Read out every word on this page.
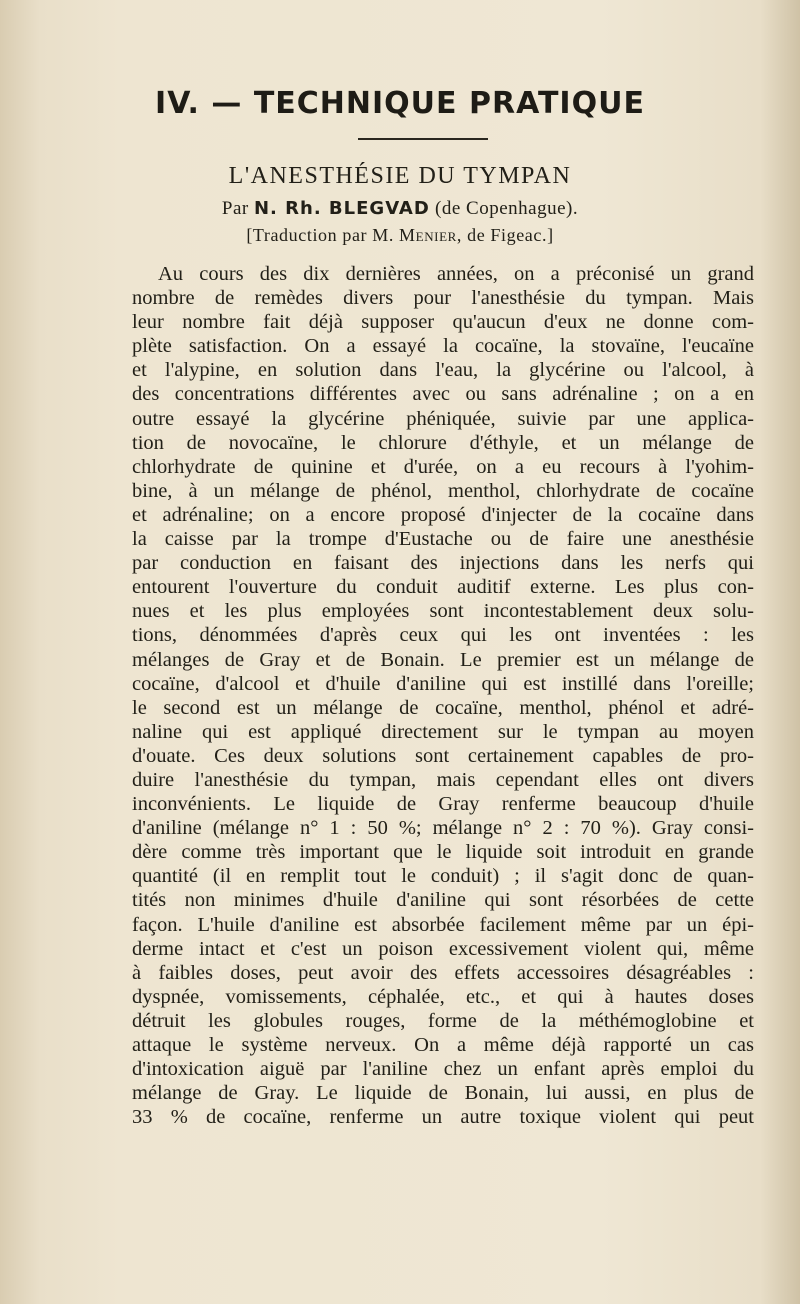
IV. — TECHNIQUE PRATIQUE
L'ANESTHÉSIE DU TYMPAN
Par N. Rh. BLEGVAD (de Copenhague).
[Traduction par M. Menier, de Figeac.]
Au cours des dix dernières années, on a préconisé un grand
nombre de remèdes divers pour l'anesthésie du tympan. Mais
leur nombre fait déjà supposer qu'aucun d'eux ne donne com-
plète satisfaction. On a essayé la cocaïne, la stovaïne, l'eucaïne
et l'alypine, en solution dans l'eau, la glycérine ou l'alcool, à
des concentrations différentes avec ou sans adrénaline ; on a en
outre essayé la glycérine phéniquée, suivie par une applica-
tion de novocaïne, le chlorure d'éthyle, et un mélange de
chlorhydrate de quinine et d'urée, on a eu recours à l'yohim-
bine, à un mélange de phénol, menthol, chlorhydrate de cocaïne
et adrénaline; on a encore proposé d'injecter de la cocaïne dans
la caisse par la trompe d'Eustache ou de faire une anesthésie
par conduction en faisant des injections dans les nerfs qui
entourent l'ouverture du conduit auditif externe. Les plus con-
nues et les plus employées sont incontestablement deux solu-
tions, dénommées d'après ceux qui les ont inventées : les
mélanges de Gray et de Bonain. Le premier est un mélange de
cocaïne, d'alcool et d'huile d'aniline qui est instillé dans l'oreille;
le second est un mélange de cocaïne, menthol, phénol et adré-
naline qui est appliqué directement sur le tympan au moyen
d'ouate. Ces deux solutions sont certainement capables de pro-
duire l'anesthésie du tympan, mais cependant elles ont divers
inconvénients. Le liquide de Gray renferme beaucoup d'huile
d'aniline (mélange n° 1 : 50 %; mélange n° 2 : 70 %). Gray consi-
dère comme très important que le liquide soit introduit en grande
quantité (il en remplit tout le conduit) ; il s'agit donc de quan-
tités non minimes d'huile d'aniline qui sont résorbées de cette
façon. L'huile d'aniline est absorbée facilement même par un épi-
derme intact et c'est un poison excessivement violent qui, même
à faibles doses, peut avoir des effets accessoires désagréables :
dyspnée, vomissements, céphalée, etc., et qui à hautes doses
détruit les globules rouges, forme de la méthémoglobine et
attaque le système nerveux. On a même déjà rapporté un cas
d'intoxication aiguë par l'aniline chez un enfant après emploi du
mélange de Gray. Le liquide de Bonain, lui aussi, en plus de
33 % de cocaïne, renferme un autre toxique violent qui peut
